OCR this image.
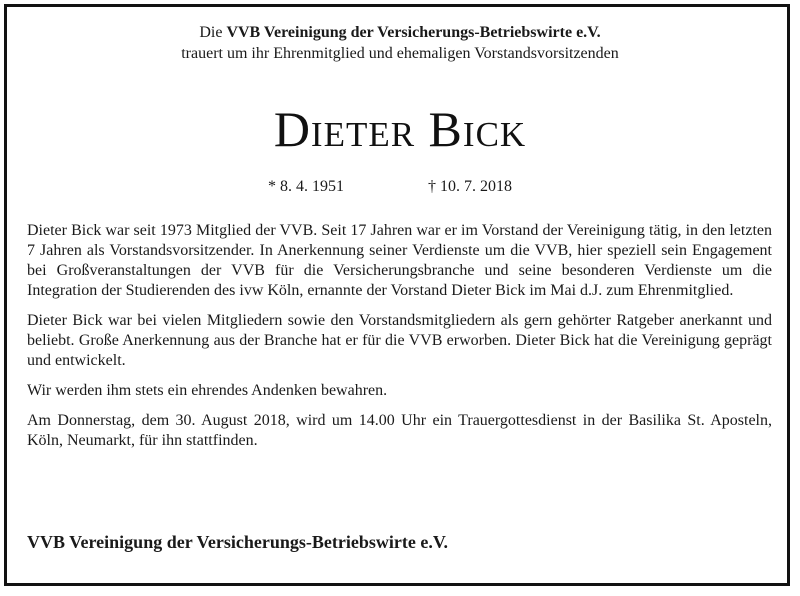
Die VVB Vereinigung der Versicherungs-Betriebswirte e.V.
trauert um ihr Ehrenmitglied und ehemaligen Vorstandsvorsitzenden
Dieter Bick
* 8. 4. 1951	† 10. 7. 2018

Dieter Bick war seit 1973 Mitglied der VVB. Seit 17 Jahren war er im Vorstand der Vereinigung tätig, in den letzten 7 Jahren als Vorstandsvorsitzender. In Anerkennung seiner Verdienste um die VVB, hier speziell sein Engagement bei Großveranstaltungen der VVB für die Versicherungsbranche und seine besonderen Verdienste um die Integration der Studierenden des ivw Köln, ernannte der Vorstand Dieter Bick im Mai d.J. zum Ehrenmitglied.

Dieter Bick war bei vielen Mitgliedern sowie den Vorstandsmitgliedern als gern gehörter Ratgeber anerkannt und beliebt. Große Anerkennung aus der Branche hat er für die VVB erworben. Dieter Bick hat die Vereinigung geprägt und entwickelt.

Wir werden ihm stets ein ehrendes Andenken bewahren.

Am Donnerstag, dem 30. August 2018, wird um 14.00 Uhr ein Trauergottesdienst in der Basilika St. Aposteln, Köln, Neumarkt, für ihn stattfinden.

VVB Vereinigung der Versicherungs-Betriebswirte e.V.
